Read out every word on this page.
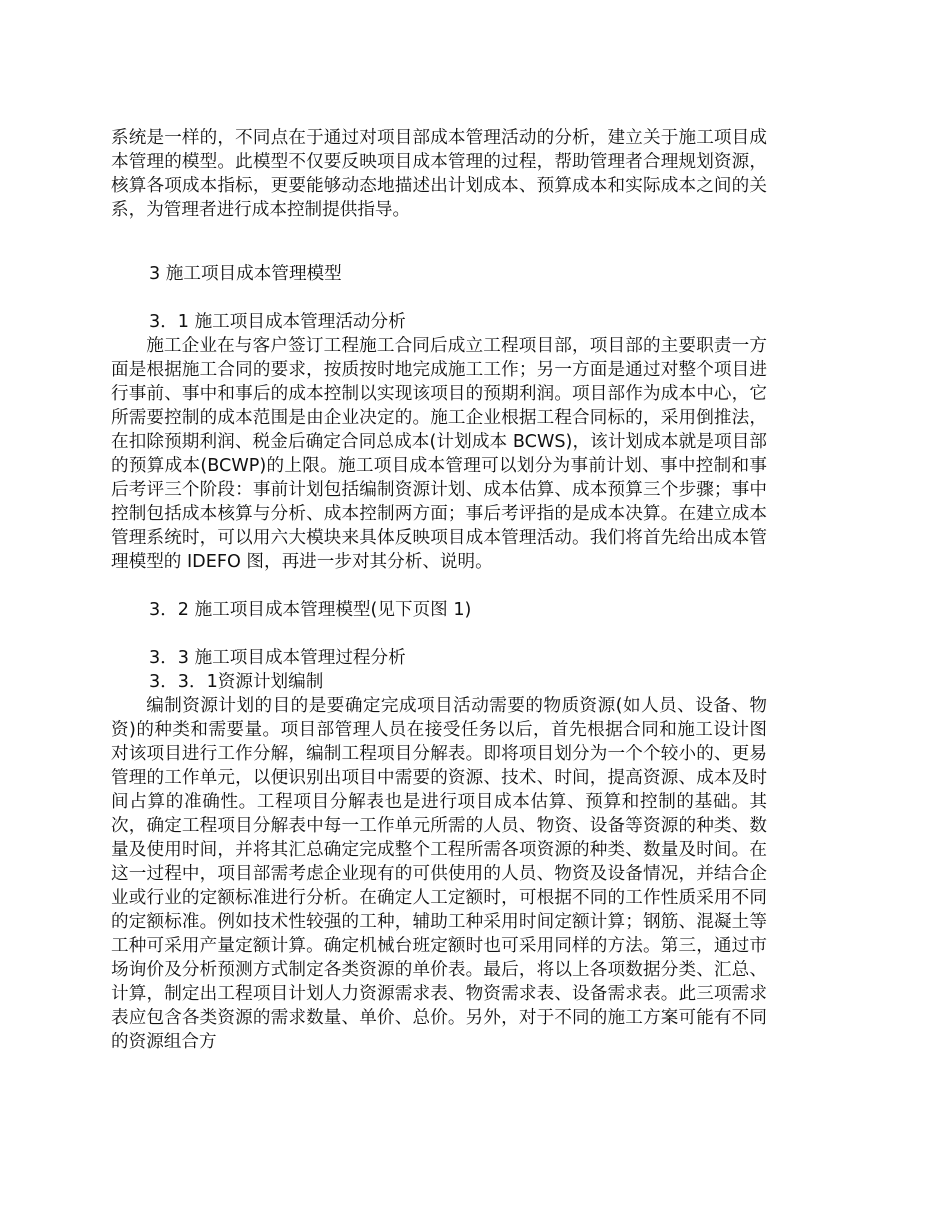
系统是一样的，不同点在于通过对项目部成本管理活动的分析，建立关于施工项目成本管理的模型。此模型不仅要反映项目成本管理的过程，帮助管理者合理规划资源，核算各项成本指标，更要能够动态地描述出计划成本、预算成本和实际成本之间的关系，为管理者进行成本控制提供指导。

3 施工项目成本管理模型

3．1 施工项目成本管理活动分析

施工企业在与客户签订工程施工合同后成立工程项目部，项目部的主要职责一方面是根据施工合同的要求，按质按时地完成施工工作；另一方面是通过对整个项目进行事前、事中和事后的成本控制以实现该项目的预期利润。项目部作为成本中心，它所需要控制的成本范围是由企业决定的。施工企业根据工程合同标的，采用倒推法，在扣除预期利润、税金后确定合同总成本(计划成本 BCWS)，该计划成本就是项目部的预算成本(BCWP)的上限。施工项目成本管理可以划分为事前计划、事中控制和事后考评三个阶段：事前计划包括编制资源计划、成本估算、成本预算三个步骤；事中控制包括成本核算与分析、成本控制两方面；事后考评指的是成本决算。在建立成本管理系统时，可以用六大模块来具体反映项目成本管理活动。我们将首先给出成本管理模型的 IDEFO 图，再进一步对其分析、说明。

3．2 施工项目成本管理模型(见下页图 1)

3．3 施工项目成本管理过程分析

3．3．1资源计划编制

编制资源计划的目的是要确定完成项目活动需要的物质资源(如人员、设备、物资)的种类和需要量。项目部管理人员在接受任务以后，首先根据合同和施工设计图对该项目进行工作分解，编制工程项目分解表。即将项目划分为一个个较小的、更易管理的工作单元，以便识别出项目中需要的资源、技术、时间，提高资源、成本及时间占算的准确性。工程项目分解表也是进行项目成本估算、预算和控制的基础。其次，确定工程项目分解表中每一工作单元所需的人员、物资、设备等资源的种类、数量及使用时间，并将其汇总确定完成整个工程所需各项资源的种类、数量及时间。在这一过程中，项目部需考虑企业现有的可供使用的人员、物资及设备情况，并结合企业或行业的定额标准进行分析。在确定人工定额时，可根据不同的工作性质采用不同的定额标准。例如技术性较强的工种，辅助工种采用时间定额计算；钢筋、混凝土等工种可采用产量定额计算。确定机械台班定额时也可采用同样的方法。第三，通过市场询价及分析预测方式制定各类资源的单价表。最后，将以上各项数据分类、汇总、计算，制定出工程项目计划人力资源需求表、物资需求表、设备需求表。此三项需求表应包含各类资源的需求数量、单价、总价。另外，对于不同的施工方案可能有不同的资源组合方
